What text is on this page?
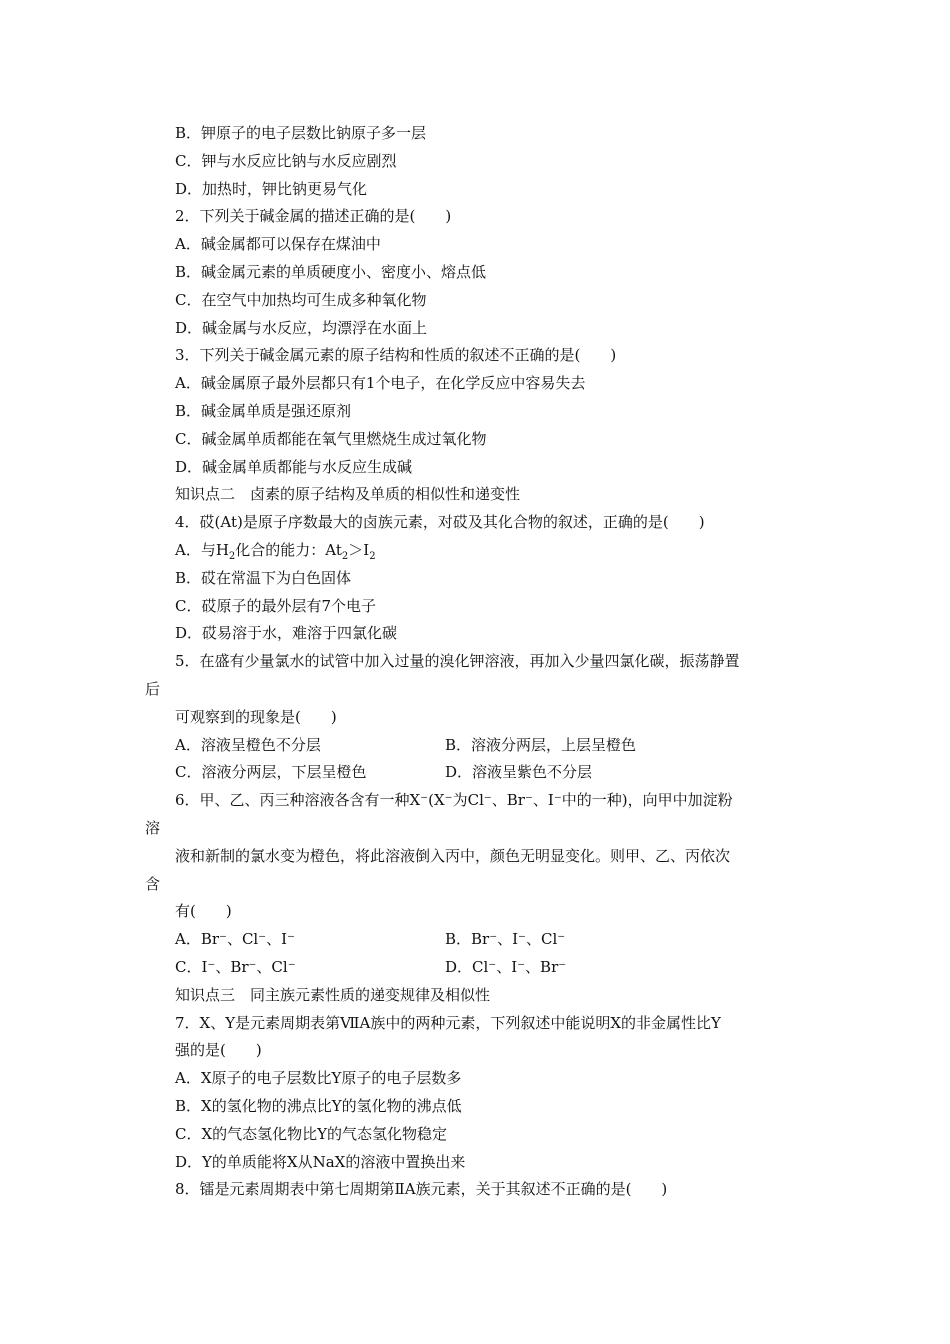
B．钾原子的电子层数比钠原子多一层
C．钾与水反应比钠与水反应剧烈
D．加热时，钾比钠更易气化
2．下列关于碱金属的描述正确的是(　　)
A．碱金属都可以保存在煤油中
B．碱金属元素的单质硬度小、密度小、熔点低
C．在空气中加热均可生成多种氧化物
D．碱金属与水反应，均漂浮在水面上
3．下列关于碱金属元素的原子结构和性质的叙述不正确的是(　　)
A．碱金属原子最外层都只有1个电子，在化学反应中容易失去
B．碱金属单质是强还原剂
C．碱金属单质都能在氧气里燃烧生成过氧化物
D．碱金属单质都能与水反应生成碱
知识点二　卤素的原子结构及单质的相似性和递变性
4．砹(At)是原子序数最大的卤族元素，对砹及其化合物的叙述，正确的是(　　)
A．与$H_2$化合的能力：$At_2>I_2$
B．砹在常温下为白色固体
C．砹原子的最外层有7个电子
D．砹易溶于水，难溶于四氯化碳
5．在盛有少量氯水的试管中加入过量的溴化钾溶液，再加入少量四氯化碳，振荡静置
后
可观察到的现象是(　　)
A．溶液呈橙色不分层	B．溶液分两层，上层呈橙色
C．溶液分两层，下层呈橙色	D．溶液呈紫色不分层
6．甲、乙、丙三种溶液各含有一种X⁻(X⁻为Cl⁻、Br⁻、I⁻中的一种)，向甲中加淀粉
溶
液和新制的氯水变为橙色，将此溶液倒入丙中，颜色无明显变化。则甲、乙、丙依次
含
有(　　)
A．Br⁻、Cl⁻、I⁻	B．Br⁻、I⁻、Cl⁻
C．I⁻、Br⁻、Cl⁻	D．Cl⁻、I⁻、Br⁻
知识点三　同主族元素性质的递变规律及相似性
7．X、Y是元素周期表第ⅦA族中的两种元素，下列叙述中能说明X的非金属性比Y
强的是(　　)
A．X原子的电子层数比Y原子的电子层数多
B．X的氢化物的沸点比Y的氢化物的沸点低
C．X的气态氢化物比Y的气态氢化物稳定
D．Y的单质能将X从NaX的溶液中置换出来
8．镭是元素周期表中第七周期第ⅡA族元素，关于其叙述不正确的是(　　)
